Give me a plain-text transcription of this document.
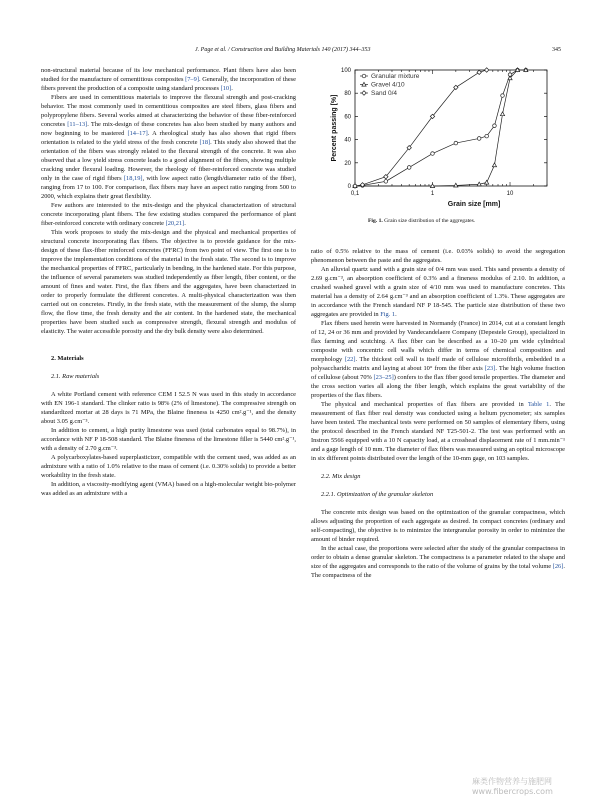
J. Page et al. / Construction and Building Materials 140 (2017) 344–353	345

non-structural material because of its low mechanical performance. Plant fibers have also been studied for the manufacture of cementitious composites [7–9]. Generally, the incorporation of these fibers prevent the production of a composite using standard processes [10].

Fibers are used in cementitious materials to improve the flexural strength and post-cracking behavior. The most commonly used in cementitious composites are steel fibers, glass fibers and polypropylene fibers. Several works aimed at characterizing the behavior of these fiber-reinforced concretes [11–13]. The mix-design of these concretes has also been studied by many authors and now beginning to be mastered [14–17]. A rheological study has also shown that rigid fibers orientation is related to the yield stress of the fresh concrete [18]. This study also showed that the orientation of the fibers was strongly related to the flexural strength of the concrete. It was also observed that a low yield stress concrete leads to a good alignment of the fibers, showing multiple cracking under flexural loading. However, the rheology of fiber-reinforced concrete was studied only in the case of rigid fibers [18,19], with low aspect ratio (length/diameter ratio of the fiber), ranging from 17 to 100. For comparison, flax fibers may have an aspect ratio ranging from 500 to 2000, which explains their great flexibility.

Few authors are interested to the mix-design and the physical characterization of structural concrete incorporating plant fibers. The few existing studies compared the performance of plant fiber-reinforced concrete with ordinary concrete [20,21].

This work proposes to study the mix-design and the physical and mechanical properties of structural concrete incorporating flax fibers. The objective is to provide guidance for the mix-design of these flax-fiber reinforced concretes (FFRC) from two point of view. The first one is to improve the implementation conditions of the material in the fresh state. The second is to improve the mechanical properties of FFRC, particularly in bending, in the hardened state. For this purpose, the influence of several parameters was studied independently as fiber length, fiber content, or the amount of fines and water. First, the flax fibers and the aggregates, have been characterized in order to properly formulate the different concretes. A multi-physical characterization was then carried out on concretes. Firstly, in the fresh state, with the measurement of the slump, the slump flow, the flow time, the fresh density and the air content. In the hardened state, the mechanical properties have been studied such as compressive strength, flexural strength and modulus of elasticity. The water accessible porosity and the dry bulk density were also determined.

2. Materials

2.1. Raw materials

A white Portland cement with reference CEM I 52.5 N was used in this study in accordance with EN 196-1 standard. The clinker ratio is 98% (2% of limestone). The compressive strength on standardized mortar at 28 days is 71 MPa, the Blaine fineness is 4250 cm².g⁻¹, and the density about 3.05 g.cm⁻³.

In addition to cement, a high purity limestone was used (total carbonates equal to 98.7%), in accordance with NF P 18-508 standard. The Blaine fineness of the limestone filler is 5440 cm².g⁻¹, with a density of 2.70 g.cm⁻³.

A polycarboxylates-based superplasticizer, compatible with the cement used, was added as an admixture with a ratio of 1.0% relative to the mass of cement (i.e. 0.30% solids) to provide a better workability in the fresh state.

In addition, a viscosity-modifying agent (VMA) based on a high-molecular weight bio-polymer was added as an admixture with a

0
20
40
60
80
100
0,1	1	10
Granular mixture
Gravel 4/10
Sand 0/4
Percent passing [%]
Grain size [mm]
Fig. 1. Grain size distribution of the aggregates.

ratio of 0.5% relative to the mass of cement (i.e. 0.03% solids) to avoid the segregation phenomenon between the paste and the aggregates.

An alluvial quartz sand with a grain size of 0/4 mm was used. This sand presents a density of 2.69 g.cm⁻³, an absorption coefficient of 0.3% and a fineness modulus of 2.10. In addition, a crushed washed gravel with a grain size of 4/10 mm was used to manufacture concretes. This material has a density of 2.64 g.cm⁻³ and an absorption coefficient of 1.3%. These aggregates are in accordance with the French standard NF P 18-545. The particle size distribution of these two aggregates are provided in Fig. 1.

Flax fibers used herein were harvested in Normandy (France) in 2014, cut at a constant length of 12, 24 or 36 mm and provided by Vandecandelaere Company (Depestele Group), specialized in flax farming and scutching. A flax fiber can be described as a 10–20 μm wide cylindrical composite with concentric cell walls which differ in terms of chemical composition and morphology [22]. The thickest cell wall is itself made of cellulose microfibrils, embedded in a polysaccharidic matrix and laying at about 10° from the fiber axis [23]. The high volume fraction of cellulose (about 70% [23–25]) confers to the flax fiber good tensile properties. The diameter and the cross section varies all along the fiber length, which explains the great variability of the properties of the flax fibers.

The physical and mechanical properties of flax fibers are provided in Table 1. The measurement of flax fiber real density was conducted using a helium pycnometer; six samples have been tested. The mechanical tests were performed on 50 samples of elementary fibers, using the protocol described in the French standard NF T25-501-2. The test was performed with an Instron 5566 equipped with a 10 N capacity load, at a crosshead displacement rate of 1 mm.min⁻¹ and a gage length of 10 mm. The diameter of flax fibers was measured using an optical microscope in six different points distributed over the length of the 10-mm gage, on 103 samples.

2.2. Mix design

2.2.1. Optimization of the granular skeleton

The concrete mix design was based on the optimization of the granular compactness, which allows adjusting the proportion of each aggregate as desired. In compact concretes (ordinary and self-compacting), the objective is to minimize the intergranular porosity in order to minimize the amount of binder required.

In the actual case, the proportions were selected after the study of the granular compactness in order to obtain a dense granular skeleton. The compactness is a parameter related to the shape and size of the aggregates and corresponds to the ratio of the volume of grains by the total volume [26]. The compactness of the

麻类作物营养与施肥网 www.fibercrops.com
